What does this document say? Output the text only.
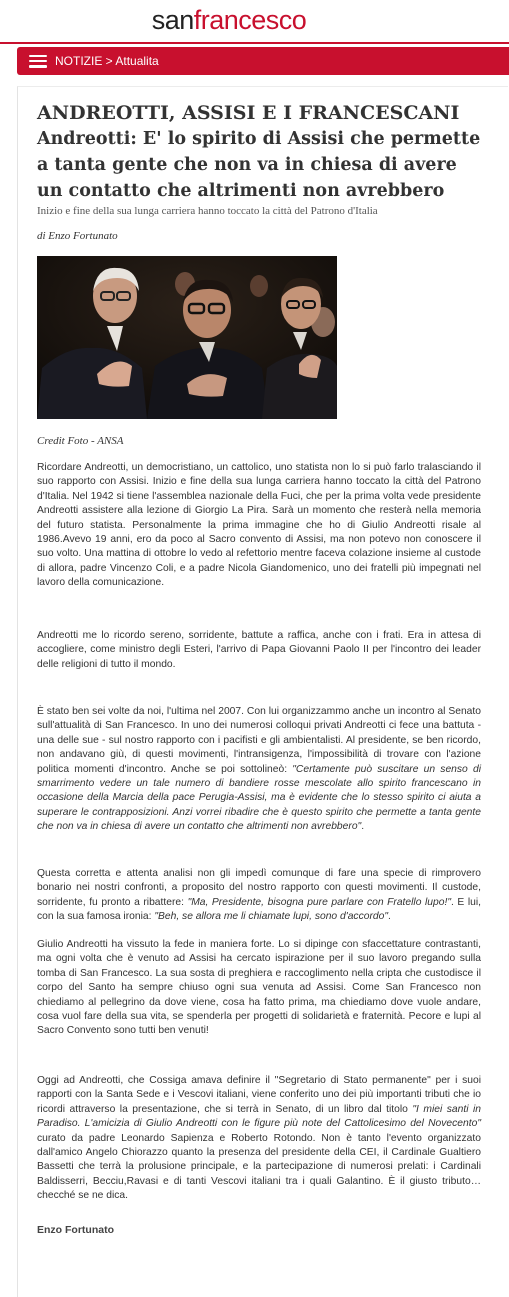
san francesco
NOTIZIE > Attualita
ANDREOTTI, ASSISI E I FRANCESCANI
Andreotti: E' lo spirito di Assisi che permette a tanta gente che non va in chiesa di avere un contatto che altrimenti non avrebbero

Inizio e fine della sua lunga carriera hanno toccato la città del Patrono d'Italia

di Enzo Fortunato
Credit Foto - ANSA

Ricordare Andreotti, un democristiano, un cattolico, uno statista non lo si può farlo tralasciando il suo rapporto con Assisi. Inizio e fine della sua lunga carriera hanno toccato la città del Patrono d'Italia. Nel 1942 si tiene l'assemblea nazionale della Fuci, che per la prima volta vede presidente Andreotti assistere alla lezione di Giorgio La Pira. Sarà un momento che resterà nella memoria del futuro statista. Personalmente la prima immagine che ho di Giulio Andreotti risale al 1986.Avevo 19 anni, ero da poco al Sacro convento di Assisi, ma non potevo non conoscere il suo volto. Una mattina di ottobre lo vedo al refettorio mentre faceva colazione insieme al custode di allora, padre Vincenzo Coli, e a padre Nicola Giandomenico, uno dei fratelli più impegnati nel lavoro della comunicazione.

Andreotti me lo ricordo sereno, sorridente, battute a raffica, anche con i frati. Era in attesa di accogliere, come ministro degli Esteri, l'arrivo di Papa Giovanni Paolo II per l'incontro dei leader delle religioni di tutto il mondo.

È stato ben sei volte da noi, l'ultima nel 2007. Con lui organizzammo anche un incontro al Senato sull'attualità di San Francesco. In uno dei numerosi colloqui privati Andreotti ci fece una battuta - una delle sue - sul nostro rapporto con i pacifisti e gli ambientalisti. Al presidente, se ben ricordo, non andavano giù, di questi movimenti, l'intransigenza, l'impossibilità di trovare con l'azione politica momenti d'incontro. Anche se poi sottolineò: "Certamente può suscitare un senso di smarrimento vedere un tale numero di bandiere rosse mescolate allo spirito francescano in occasione della Marcia della pace Perugia-Assisi, ma è evidente che lo stesso spirito ci aiuta a superare le contrapposizioni. Anzi vorrei ribadire che è questo spirito che permette a tanta gente che non va in chiesa di avere un contatto che altrimenti non avrebbero".

Questa corretta e attenta analisi non gli impedì comunque di fare una specie di rimprovero bonario nei nostri confronti, a proposito del nostro rapporto con questi movimenti. Il custode, sorridente, fu pronto a ribattere: "Ma, Presidente, bisogna pure parlare con Fratello lupo!". E lui, con la sua famosa ironia: "Beh, se allora me li chiamate lupi, sono d'accordo".

Giulio Andreotti ha vissuto la fede in maniera forte. Lo si dipinge con sfaccettature contrastanti, ma ogni volta che è venuto ad Assisi ha cercato ispirazione per il suo lavoro pregando sulla tomba di San Francesco. La sua sosta di preghiera e raccoglimento nella cripta che custodisce il corpo del Santo ha sempre chiuso ogni sua venuta ad Assisi. Come San Francesco non chiediamo al pellegrino da dove viene, cosa ha fatto prima, ma chiediamo dove vuole andare, cosa vuol fare della sua vita, se spenderla per progetti di solidarietà e fraternità. Pecore e lupi al Sacro Convento sono tutti ben venuti!

Oggi ad Andreotti, che Cossiga amava definire il "Segretario di Stato permanente" per i suoi rapporti con la Santa Sede e i Vescovi italiani, viene conferito uno dei più importanti tributi che io ricordi attraverso la presentazione, che si terrà in Senato, di un libro dal titolo "I miei santi in Paradiso. L'amicizia di Giulio Andreotti con le figure più note del Cattolicesimo del Novecento" curato da padre Leonardo Sapienza e Roberto Rotondo. Non è tanto l'evento organizzato dall'amico Angelo Chiorazzo quanto la presenza del presidente della CEI, il Cardinale Gualtiero Bassetti che terrà la prolusione principale, e la partecipazione di numerosi prelati: i Cardinali Baldisserri, Becciu,Ravasi e di tanti Vescovi italiani tra i quali Galantino. È il giusto tributo… checché se ne dica.

Enzo Fortunato
